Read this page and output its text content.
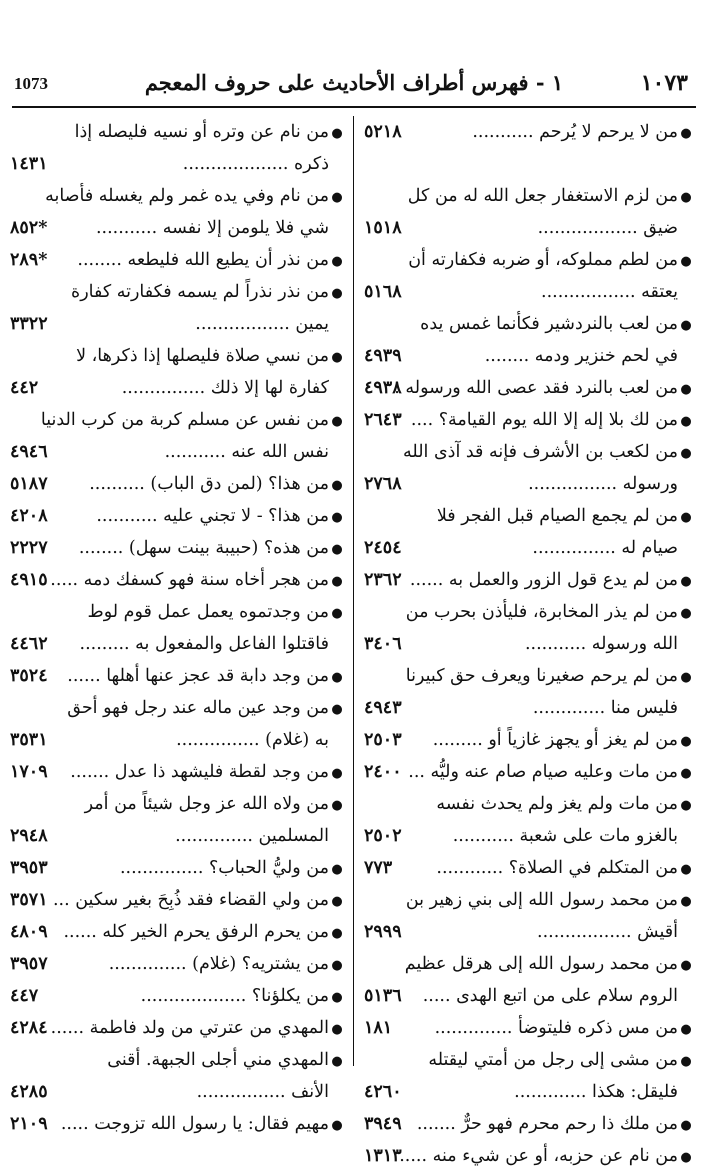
1073	١ - فهرس أطراف الأحاديث على حروف المعجم	١٠٧٣
●من لا يرحم لا يُرحم ...........
٥٢١٨
●من لزم الاستغفار جعل الله له من كل
ضيق ..................
١٥١٨
●من لطم مملوكه، أو ضربه فكفارته أن
يعتقه .................
٥١٦٨
●من لعب بالنردشير فكأنما غمس يده
في لحم خنزير ودمه ........
٤٩٣٩
●من لعب بالنرد فقد عصى الله ورسوله .
٤٩٣٨
●من لك بلا إله إلا الله يوم القيامة؟ ....
٢٦٤٣
●من لكعب بن الأشرف فإنه قد آذى الله
ورسوله ................
٢٧٦٨
●من لم يجمع الصيام قبل الفجر فلا
صيام له ...............
٢٤٥٤
●من لم يدع قول الزور والعمل به ......
٢٣٦٢
●من لم يذر المخابرة، فليأذن بحرب من
الله ورسوله ...........
٣٤٠٦
●من لم يرحم صغيرنا ويعرف حق كبيرنا
فليس منا .............
٤٩٤٣
●من لم يغز أو يجهز غازياً أو .........
٢٥٠٣
●من مات وعليه صيام صام عنه وليُّه ...
٢٤٠٠
●من مات ولم يغز ولم يحدث نفسه
بالغزو مات على شعبة ...........
٢٥٠٢
●من المتكلم في الصلاة؟ ............
٧٧٣
●من محمد رسول الله إلى بني زهير بن
أقيش .................
٢٩٩٩
●من محمد رسول الله إلى هرقل عظيم
الروم سلام على من اتبع الهدى .....
٥١٣٦
●من مس ذكره فليتوضأ ..............
١٨١
●من مشى إلى رجل من أمتي ليقتله
فليقل: هكذا .............
٤٢٦٠
●من ملك ذا رحم محرم فهو حرٌّ .......
٣٩٤٩
●من نام عن حزبه، أو عن شيء منه .....
١٣١٣
●من نام عن وتره أو نسيه فليصله إذا
ذكره ...................
١٤٣١
●من نام وفي يده غمر ولم يغسله فأصابه
شي فلا يلومن إلا نفسه ...........
٨٥٢*
●من نذر أن يطيع الله فليطعه ........
٢٨٩*
●من نذر نذراً لم يسمه فكفارته كفارة
يمين .................
٣٣٢٢
●من نسي صلاة فليصلها إذا ذكرها، لا
كفارة لها إلا ذلك ...............
٤٤٢
●من نفس عن مسلم كربة من كرب الدنيا
نفس الله عنه ...........
٤٩٤٦
●من هذا؟ (لمن دق الباب) ..........
٥١٨٧
●من هذا؟ - لا تجني عليه ...........
٤٢٠٨
●من هذه؟ (حبيبة بينت سهل) ........
٢٢٢٧
●من هجر أخاه سنة فهو كسفك دمه .....
٤٩١٥
●من وجدتموه يعمل عمل قوم لوط
فاقتلوا الفاعل والمفعول به .........
٤٤٦٢
●من وجد دابة قد عجز عنها أهلها ......
٣٥٢٤
●من وجد عين ماله عند رجل فهو أحق
به (غلام) ...............
٣٥٣١
●من وجد لقطة فليشهد ذا عدل .......
١٧٠٩
●من ولاه الله عز وجل شيئاً من أمر
المسلمين ..............
٢٩٤٨
●من وليُّ الحباب؟ ...............
٣٩٥٣
●من ولي القضاء فقد ذُبِحَ بغير سكين ...
٣٥٧١
●من يحرم الرفق يحرم الخير كله ......
٤٨٠٩
●من يشتريه؟ (غلام) ..............
٣٩٥٧
●من يكلؤنا؟ ...................
٤٤٧
●المهدي من عترتي من ولد فاطمة ......
٤٢٨٤
●المهدي مني أجلى الجبهة. أقنى
الأنف ................
٤٢٨٥
●مهيم فقال: يا رسول الله تزوجت .....
٢١٠٩
